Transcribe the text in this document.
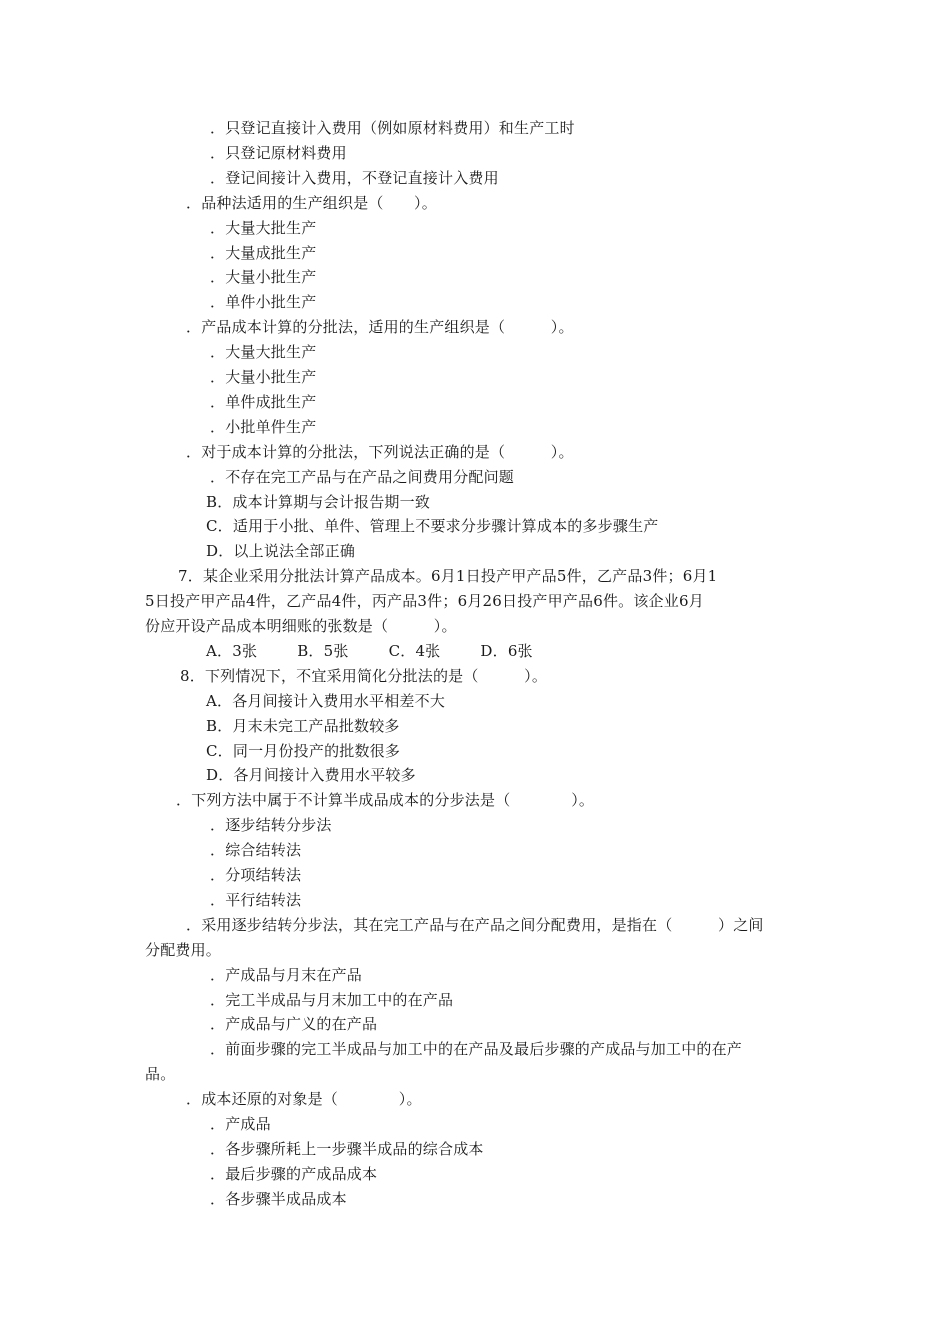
．只登记直接计入费用（例如原材料费用）和生产工时
．只登记原材料费用
．登记间接计入费用，不登记直接计入费用
．品种法适用的生产组织是（　　）。
．大量大批生产
．大量成批生产
．大量小批生产
．单件小批生产
．产品成本计算的分批法，适用的生产组织是（　　　）。
．大量大批生产
．大量小批生产
．单件成批生产
．小批单件生产
．对于成本计算的分批法，下列说法正确的是（　　　）。
．不存在完工产品与在产品之间费用分配问题
B．成本计算期与会计报告期一致
C．适用于小批、单件、管理上不要求分步骤计算成本的多步骤生产
D．以上说法全部正确
7．某企业采用分批法计算产品成本。6月1日投产甲产品5件，乙产品3件；6月1
5日投产甲产品4件，乙产品4件，丙产品3件；6月26日投产甲产品6件。该企业6月
份应开设产品成本明细账的张数是（　　　）。
A．3张	B．5张	C．4张	D．6张
8．下列情况下，不宜采用简化分批法的是（　　　）。
A．各月间接计入费用水平相差不大
B．月末未完工产品批数较多
C．同一月份投产的批数很多
D．各月间接计入费用水平较多
．下列方法中属于不计算半成品成本的分步法是（　　　　）。
．逐步结转分步法
．综合结转法
．分项结转法
．平行结转法
．采用逐步结转分步法，其在完工产品与在产品之间分配费用，是指在（　　　）之间
分配费用。
．产成品与月末在产品
．完工半成品与月末加工中的在产品
．产成品与广义的在产品
．前面步骤的完工半成品与加工中的在产品及最后步骤的产成品与加工中的在产
品。
．成本还原的对象是（　　　　）。
．产成品
．各步骤所耗上一步骤半成品的综合成本
．最后步骤的产成品成本
．各步骤半成品成本
